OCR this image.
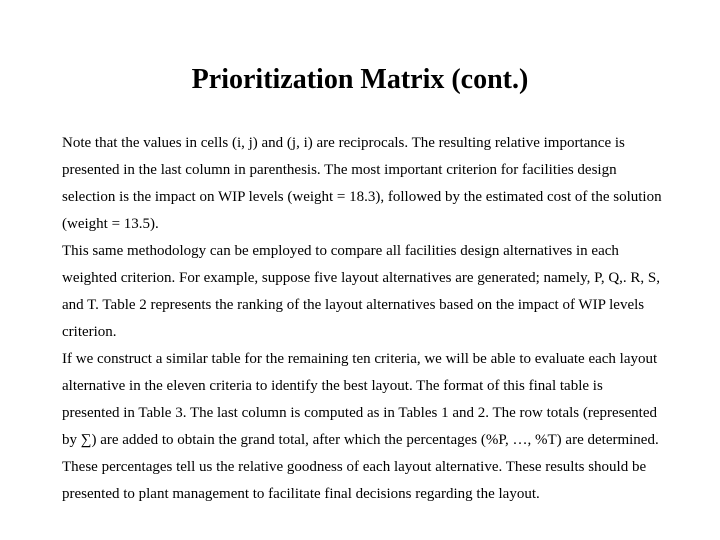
Prioritization Matrix (cont.)

Note that the values in cells (i, j) and (j, i) are reciprocals. The resulting relative importance is presented in the last column in parenthesis. The most important criterion for facilities design selection is the impact on WIP levels (weight = 18.3), followed by the estimated cost of the solution (weight = 13.5).

This same methodology can be employed to compare all facilities design alternatives in each weighted criterion. For example, suppose five layout alternatives are generated; namely, P, Q,. R, S, and T. Table 2 represents the ranking of the layout alternatives based on the impact of WIP levels criterion.

If we construct a similar table for the remaining ten criteria, we will be able to evaluate each layout alternative in the eleven criteria to identify the best layout. The format of this final table is presented in Table 3. The last column is computed as in Tables 1 and 2. The row totals (represented by ∑) are added to obtain the grand total, after which the percentages (%P, …, %T) are determined. These percentages tell us the relative goodness of each layout alternative. These results should be presented to plant management to facilitate final decisions regarding the layout.
